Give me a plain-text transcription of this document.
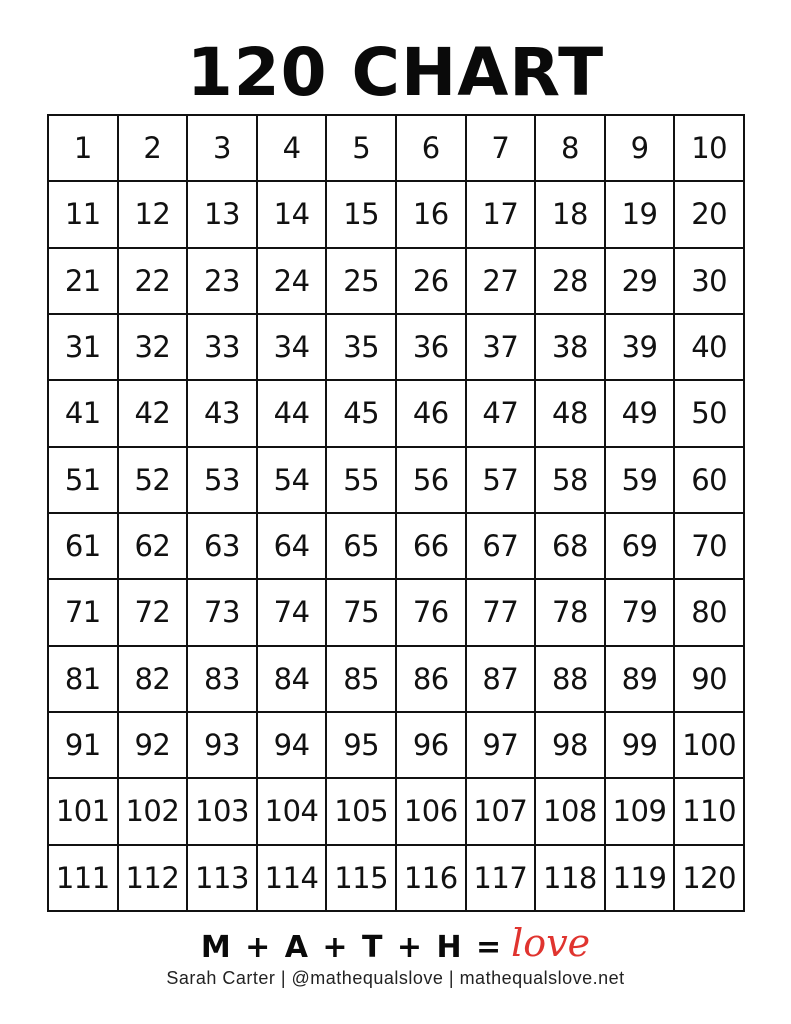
120 CHART
1	2	3	4	5	6	7	8	9	10
11	12	13	14	15	16	17	18	19	20
21	22	23	24	25	26	27	28	29	30
31	32	33	34	35	36	37	38	39	40
41	42	43	44	45	46	47	48	49	50
51	52	53	54	55	56	57	58	59	60
61	62	63	64	65	66	67	68	69	70
71	72	73	74	75	76	77	78	79	80
81	82	83	84	85	86	87	88	89	90
91	92	93	94	95	96	97	98	99	100
101	102	103	104	105	106	107	108	109	110
111	112	113	114	115	116	117	118	119	120
M + A + T + H = love
Sarah Carter | @mathequalslove | mathequalslove.net
